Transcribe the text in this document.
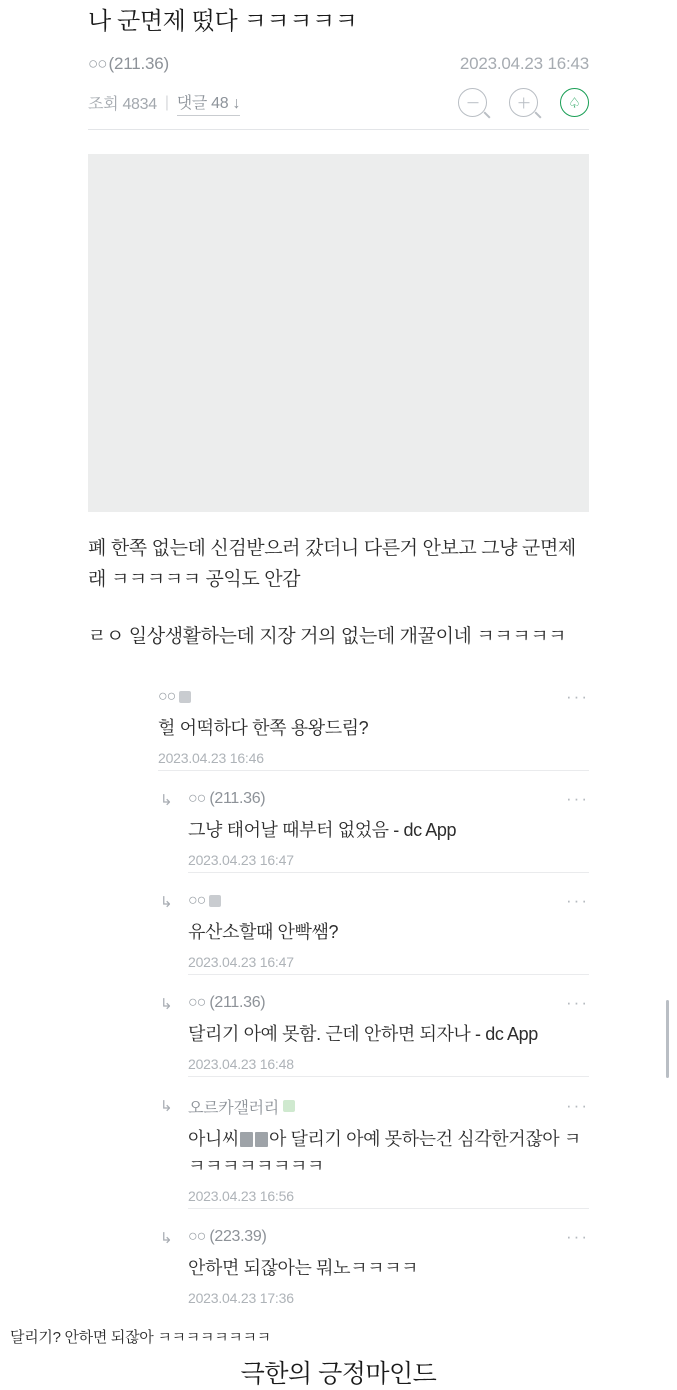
나 군면제 떴다 ㅋㅋㅋㅋㅋ
○○ (211.36)	2023.04.23 16:43
조회 4834 | 댓글 48 ↓	♤

폐 한쪽 없는데 신검받으러 갔더니 다른거 안보고 그냥 군면제래 ㅋㅋㅋㅋㅋ 공익도 안감

ㄹㅇ 일상생활하는데 지장 거의 없는데 개꿀이네 ㅋㅋㅋㅋㅋ

○○	···
헐 어떡하다 한쪽 용왕드림?
2023.04.23 16:46
↳ ○○ (211.36)	···
그냥 태어날 때부터 없었음 - dc App
2023.04.23 16:47
↳ ○○	···
유산소할때 안빡쌤?
2023.04.23 16:47
↳ ○○ (211.36)	···
달리기 아예 못함. 근데 안하면 되자나 - dc App
2023.04.23 16:48
↳ 오르카갤러리	···
아니씨 아 달리기 아예 못하는건 심각한거잖아 ㅋㅋㅋㅋㅋㅋㅋㅋㅋ
2023.04.23 16:56
↳ ○○ (223.39)	···
안하면 되잖아는 뭐노ㅋㅋㅋㅋ
2023.04.23 17:36
극한의 긍정마인드
달리기? 안하면 되잖아 ㅋㅋㅋㅋㅋㅋㅋㅋ
